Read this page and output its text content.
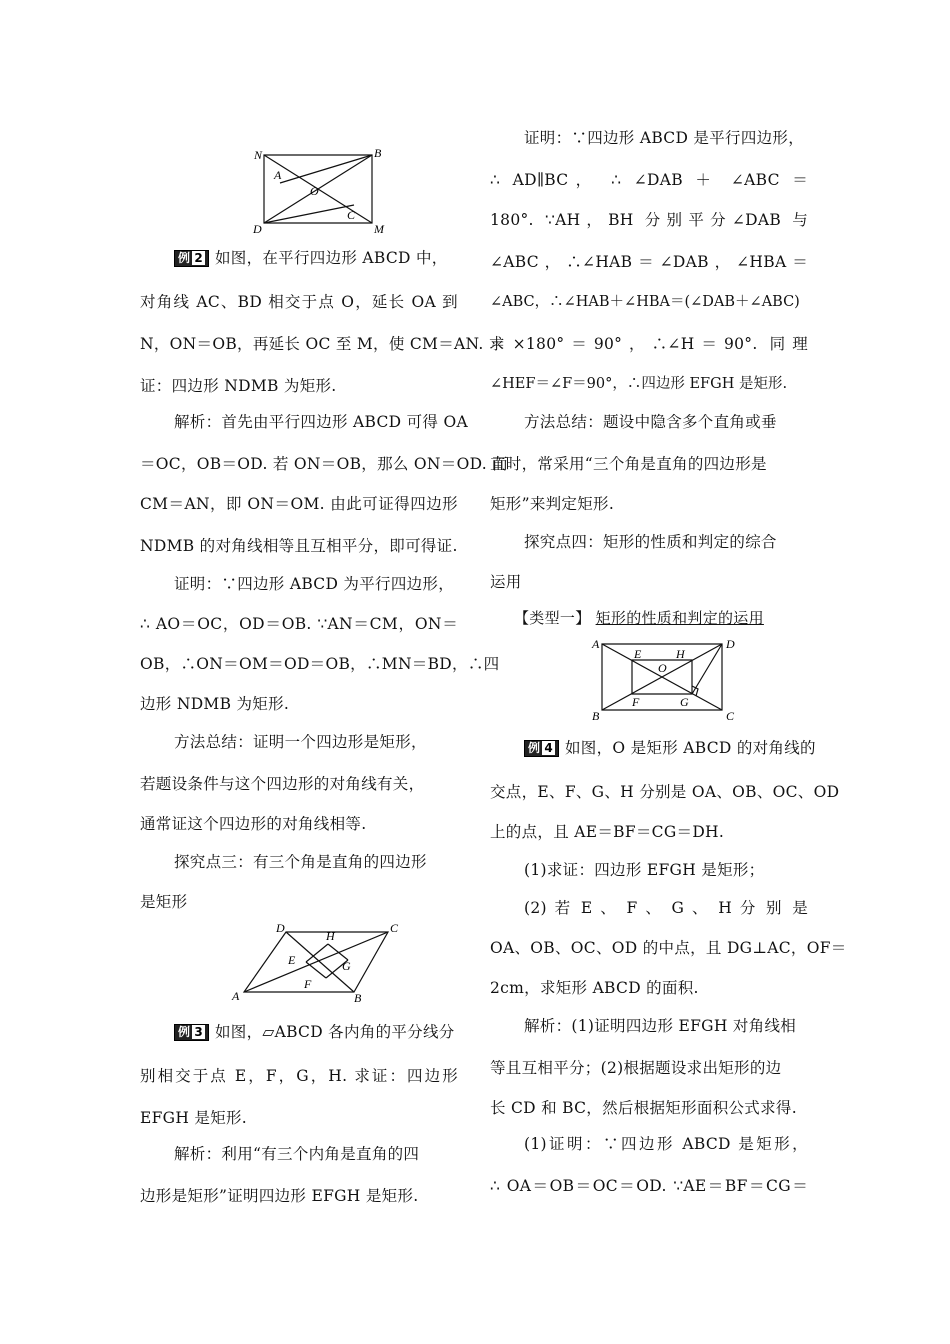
N	B
A
O
D
C
M
例 2 如图，在平行四边形 ABCD 中，
对角线 AC、BD 相交于点 O，延长 OA 到
N，ON＝OB，再延长 OC 至 M，使 CM＝AN. 求
证：四边形 NDMB 为矩形.
解析：首先由平行四边形 ABCD 可得 OA
＝OC，OB＝OD. 若 ON＝OB，那么 ON＝OD. 而
CM＝AN，即 ON＝OM. 由此可证得四边形
NDMB 的对角线相等且互相平分，即可得证.
证明：∵四边形 ABCD 为平行四边形，
∴ AO＝OC，OD＝OB. ∵AN＝CM，ON＝
OB，∴ON＝OM＝OD＝OB，∴MN＝BD，∴四
边形 NDMB 为矩形.
方法总结：证明一个四边形是矩形，
若题设条件与这个四边形的对角线有关，
通常证这个四边形的对角线相等.
探究点三：有三个角是直角的四边形
是矩形
D	C
H
E	G
F
A	B
例 3 如图，▱ABCD 各内角的平分线分
别相交于点 E，F，G，H. 求证：四边形
EFGH 是矩形.
解析：利用“有三个内角是直角的四
边形是矩形”证明四边形 EFGH 是矩形.
证明：∵四边形 ABCD 是平行四边形，
∴ AD∥BC， ∴ ∠DAB ＋ ∠ABC ＝
180°. ∵AH，BH 分别平分∠DAB 与
∠ABC，∴∠HAB＝∠DAB，∠HBA＝
∠ABC，∴∠HAB＋∠HBA＝(∠DAB＋∠ABC)
＝×180°＝90°，∴∠H＝90°. 同理
∠HEF＝∠F＝90°，∴四边形 EFGH 是矩形.
方法总结：题设中隐含多个直角或垂
直时，常采用“三个角是直角的四边形是
矩形”来判定矩形.
探究点四：矩形的性质和判定的综合
运用
【类型一】 矩形的性质和判定的运用
A	D
E	H
O
F	G
B	C
例 4 如图，O 是矩形 ABCD 的对角线的
交点，E、F、G、H 分别是 OA、OB、OC、OD
上的点，且 AE＝BF＝CG＝DH.
(1)求证：四边形 EFGH 是矩形；
(2) 若 E 、 F 、 G 、 H 分 别 是
OA、OB、OC、OD 的中点，且 DG⊥AC，OF＝
2cm，求矩形 ABCD 的面积.
解析：(1)证明四边形 EFGH 对角线相
等且互相平分；(2)根据题设求出矩形的边
长 CD 和 BC，然后根据矩形面积公式求得.
(1)证明：∵四边形 ABCD 是矩形，
∴ OA＝OB＝OC＝OD. ∵AE＝BF＝CG＝
